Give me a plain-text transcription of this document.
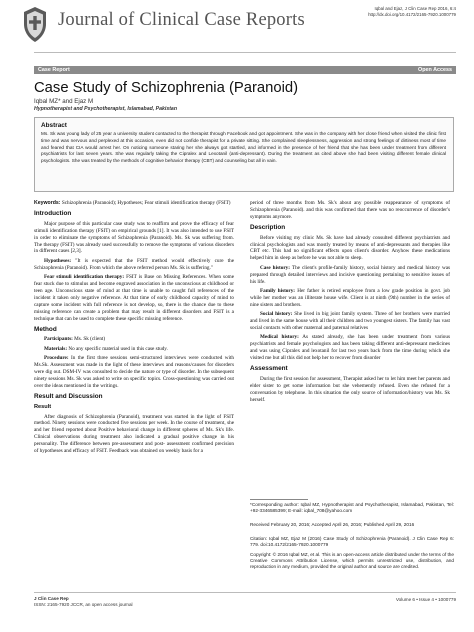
Journal of Clinical Case Reports
Iqbal and Ejaz, J Clin Case Rep 2016, 6:4
http://dx.doi.org/10.4172/2165-7920.1000779
Case Report	Open Access
Case Study of Schizophrenia (Paranoid)
Iqbal MZ* and Ejaz M
Hypnotherapist and Psychotherapist, Islamabad, Pakistan
Abstract
Ms. Sk was young lady of 25 year a university student contacted to the therapist through Facebook and got appointment. She was in the company with her close friend when visited the clinic first time and was nervous and perplexed at this occasion, even did not confide therapist for a private sitting. She complained sleeplessness, aggression and strong feelings of dirtiness most of time and feared that CIA would arrest her. On noticing someone staring her she always got startled, and informed in the presence of her friend that she has been under treatment from different psychiatrists for last seven years. She was regularly taking the Cipralex and Lexotanil (anti-depressant). During the treatment as cited above she had been visiting different female clinical psychologists. She was treated by the methods of cognitive behavior therapy (CBT) and counseling but all in vain.

Keywords: Schizophrenia (Paranoid); Hypotheses; Fear stimuli identification therapy (FSIT)

Introduction

Major purpose of this particular case study was to reaffirm and prove the efficacy of fear stimuli identification therapy (FSIT) on empirical grounds [1]. It was also intended to use FSIT in order to eliminate the symptoms of Schizophrenia (Paranoid). Ms. Sk was suffering from. The therapy (FSIT) was already used successfully to remove the symptoms of various disorders in different cases [2,3].

Hypotheses: "It is expected that the FSIT method would effectively cure the Schizophrenia (Paranoid). From which the above referred person Ms. Sk is suffering."

Fear stimuli identification therapy: FSIT is Base on Missing References. When some fear stuck due to stimulus and become engraved association in the unconscious at childhood or teen age. Unconscious state of mind at that time is unable to caught full references of the incident it taken only negative reference. At that time of early childhood capacity of mind to capture some incident with full reference is not develop, so, there is the chance due to these missing reference can create a problem that may result in different disorders and FSIT is a technique that can be used to complete these specific missing reference.

Method

Participants: Ms. Sk (client)

Materials: No any specific material used in this case study.

Procedure: In the first three sessions semi-structured interviews were conducted with Ms.Sk. Assessment was made in the light of these interviews and reasons/causes for disorders were dig out. DSM-IV was consulted to decide the nature or type of disorder. In the subsequent ninety sessions Ms. Sk was asked to write on specific topics. Cross-questioning was carried out over the ideas mentioned in the writings.

Result and Discussion
Result

After diagnosis of Schizophrenia (Paranoid), treatment was started in the light of FSIT method. Ninety sessions were conducted five sessions per week. In the course of treatment, she and her friend reported about Positive behavioral change in different spheres of Ms. Sk's life. Clinical observations during treatment also indicated a gradual positive change in his personality. The difference between pre-assessment and post- assessment confirmed precision of hypotheses and efficacy of FSIT. Feedback was obtained on weekly basis for a

period of three months from Ms. Sk's about any possible reappearance of symptoms of Schizophrenia (Paranoid). and this was confirmed that there was no reoccurrence of disorder's symptoms anymore.

Description

Before visiting my clinic Ms. Sk have had already consulted different psychiatrists and clinical psychologists and was mostly treated by means of anti-depressants and therapies like CBT etc. This had no significant effects upon client's disorder. Anyhow these medications helped him in sleep as before he was not able to sleep.

Case history: The client's profile-family history, social history and medical history was prepared through detailed interviews and incisive questioning pertaining to sensitive issues of his life.

Family history: Her father is retired employee from a low grade position in govt. job while her mother was an illiterate house wife. Client is at ninth (9th) number in the series of nine sisters and brothers.

Social history: She lived in big joint family system. Three of her brothers were married and lived in the same house with all their children and two youngest sisters. The family has vast social contacts with other maternal and paternal relatives

Medical history: As stated already, she has been under treatment from various psychiatrists and female psychologists and has been taking different anti-depressant medicines and was using Cipralex and lexotanil for last two years back from the time during which she visited me but all this did not help her to recover from disorder

Assessment

During the first session for assessment, Therapist asked her to let him meet her parents and elder sister to get some information but she vehemently refused. Even she refused for a conversation by telephone. In this situation the only source of information/history was Ms. Sk herself.

*Corresponding author: Iqbal MZ, Hypnotherapist and Psychotherapist, Islamabad, Pakistan, Tel: +92-3346585399; E-mail: iqbal_708@yahoo.com
Received February 20, 2016; Accepted April 26, 2016; Published April 29, 2016
Citation: Iqbal MZ, Ejaz M (2016) Case Study of Schizophrenia (Paranoid). J Clin Case Rep 6: 779. doi:10.4172/2165-7920.1000779
Copyright: © 2016 Iqbal MZ, et al. This is an open-access article distributed under the terms of the Creative Commons Attribution License, which permits unrestricted use, distribution, and reproduction in any medium, provided the original author and source are credited.
J Clin Case Rep
ISSN: 2165-7920 JCCR, an open access journal
Volume 6 • Issue 4 • 1000779
